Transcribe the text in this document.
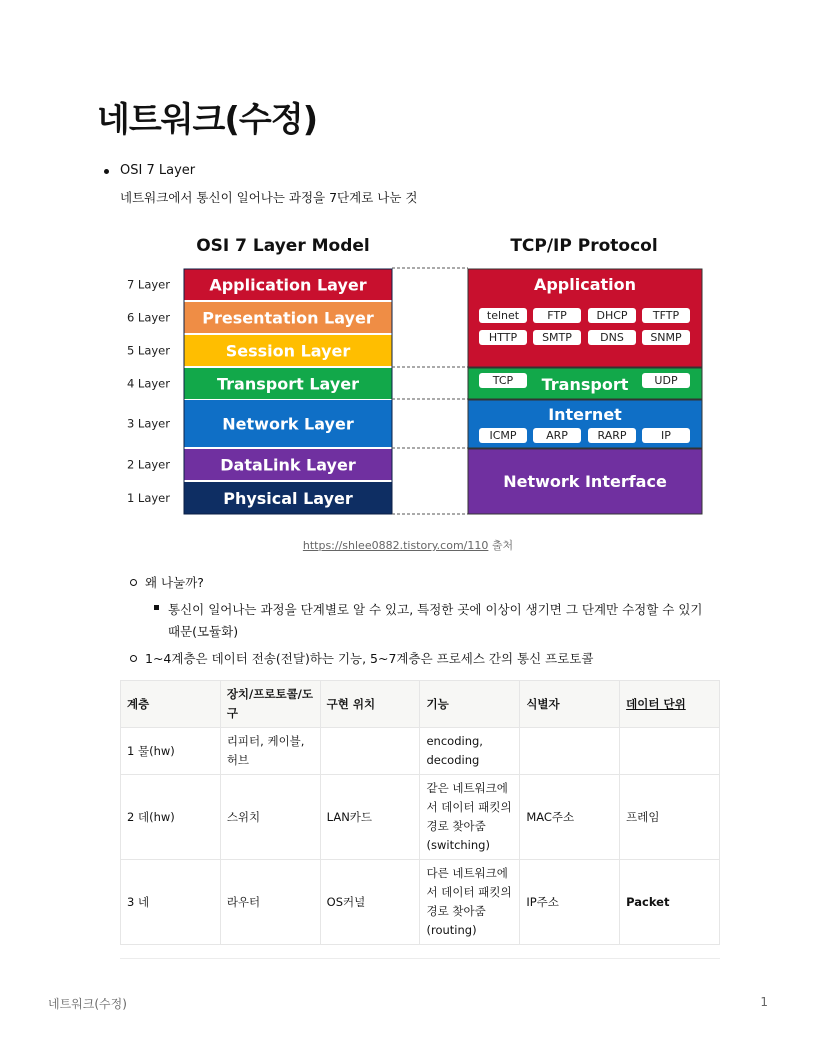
네트워크(수정)
OSI 7 Layer
네트워크에서 통신이 일어나는 과정을 7단계로 나눈 것
OSI 7 Layer Model	TCP/IP Protocol
7 Layer Application Layer
6 Layer Presentation Layer
5 Layer	Session Layer
4 Layer	Transport Layer
3 Layer	Network Layer
2 Layer	DataLink Layer
1 Layer	Physical Layer
Application
telnet	FTP	DHCP TFTP
HTTP SMTP	DNS SNMP
Transport
TCP	UDP
Internet
ICMP	ARP	RARP	IP
Network Interface
https://shlee0882.tistory.com/110 출처
왜 나눌까?
통신이 일어나는 과정을 단계별로 알 수 있고, 특정한 곳에 이상이 생기면 그 단계만 수정할 수 있기
때문(모듈화)
1~4계층은 데이터 전송(전달)하는 기능, 5~7계층은 프로세스 간의 통신 프로토콜
계층	장치/프로토콜/도구	구현 위치	기능	식별자	데이터 단위
1 물(hw)	리피터, 케이블, 허브		encoding, decoding		
2 데(hw)	스위치	LAN카드	같은 네트워크에서 데이터 패킷의 경로 찾아줌 (switching)	MAC주소	프레임
3 네	라우터	OS커널	다른 네트워크에서 데이터 패킷의 경로 찾아줌 (routing)	IP주소	Packet
네트워크(수정)	1
